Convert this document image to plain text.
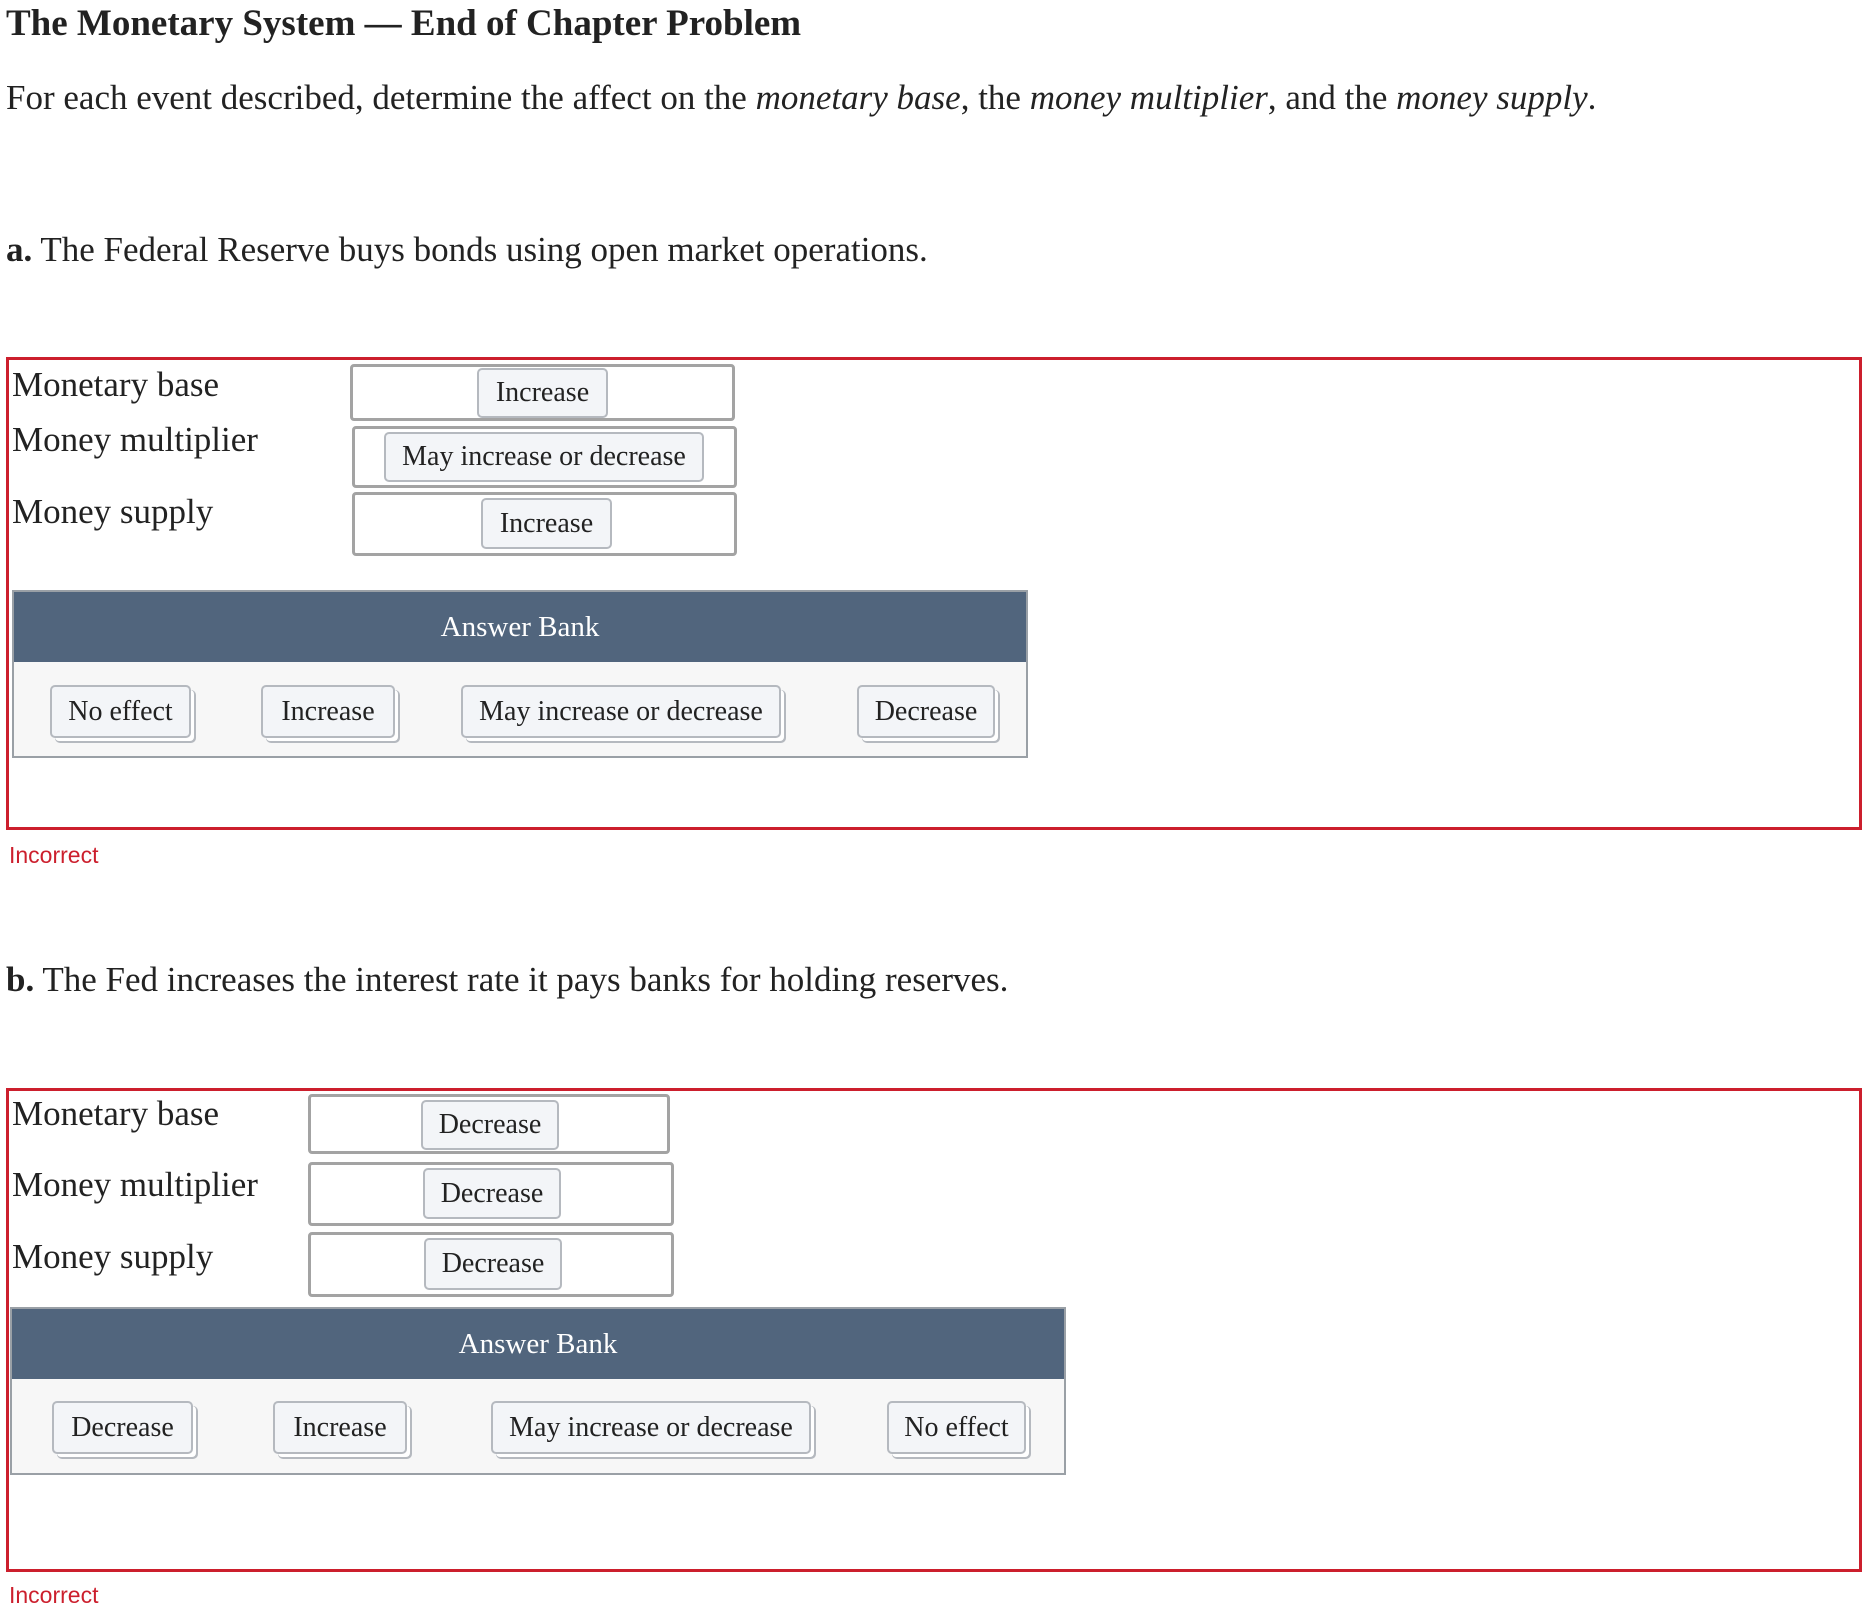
The Monetary System — End of Chapter Problem
For each event described, determine the affect on the monetary base, the money multiplier, and the money supply.
a. The Federal Reserve buys bonds using open market operations.
Monetary base	Increase
Money multiplier	May increase or decrease
Money supply	Increase
Answer Bank
No effect	Increase	May increase or decrease	Decrease
Incorrect
b. The Fed increases the interest rate it pays banks for holding reserves.
Monetary base	Decrease
Money multiplier	Decrease
Money supply	Decrease
Answer Bank
Decrease	Increase	May increase or decrease	No effect
Incorrect
